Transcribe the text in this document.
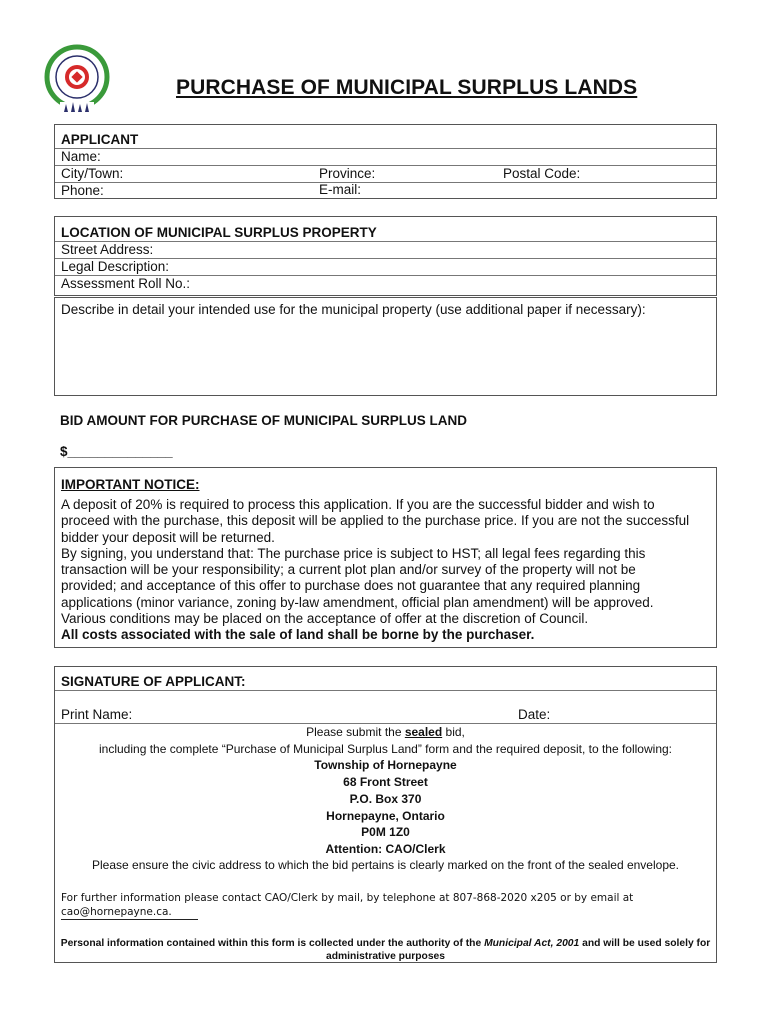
PURCHASE OF MUNICIPAL SURPLUS LANDS
APPLICANT
Name:
City/Town:	Province:	Postal Code:
Phone:	E-mail:
LOCATION OF MUNICIPAL SURPLUS PROPERTY
Street Address:
Legal Description:
Assessment Roll No.:
Describe in detail your intended use for the municipal property (use additional paper if necessary):
BID AMOUNT FOR PURCHASE OF MUNICIPAL SURPLUS LAND
$______________
IMPORTANT NOTICE:
A deposit of 20% is required to process this application. If you are the successful bidder and wish to
proceed with the purchase, this deposit will be applied to the purchase price. If you are not the successful
bidder your deposit will be returned.
By signing, you understand that: The purchase price is subject to HST; all legal fees regarding this
transaction will be your responsibility; a current plot plan and/or survey of the property will not be
provided; and acceptance of this offer to purchase does not guarantee that any required planning
applications (minor variance, zoning by-law amendment, official plan amendment) will be approved.
Various conditions may be placed on the acceptance of offer at the discretion of Council.
All costs associated with the sale of land shall be borne by the purchaser.
SIGNATURE OF APPLICANT:
Print Name:	Date:
Please submit the sealed bid,
including the complete “Purchase of Municipal Surplus Land” form and the required deposit, to the following:
Township of Hornepayne
68 Front Street
P.O. Box 370
Hornepayne, Ontario
P0M 1Z0
Attention: CAO/Clerk
Please ensure the civic address to which the bid pertains is clearly marked on the front of the sealed envelope.
For further information please contact CAO/Clerk by mail, by telephone at 807-868-2020 x205 or by email at
cao@hornepayne.ca.
Personal information contained within this form is collected under the authority of the Municipal Act, 2001 and will be used solely for
administrative purposes
